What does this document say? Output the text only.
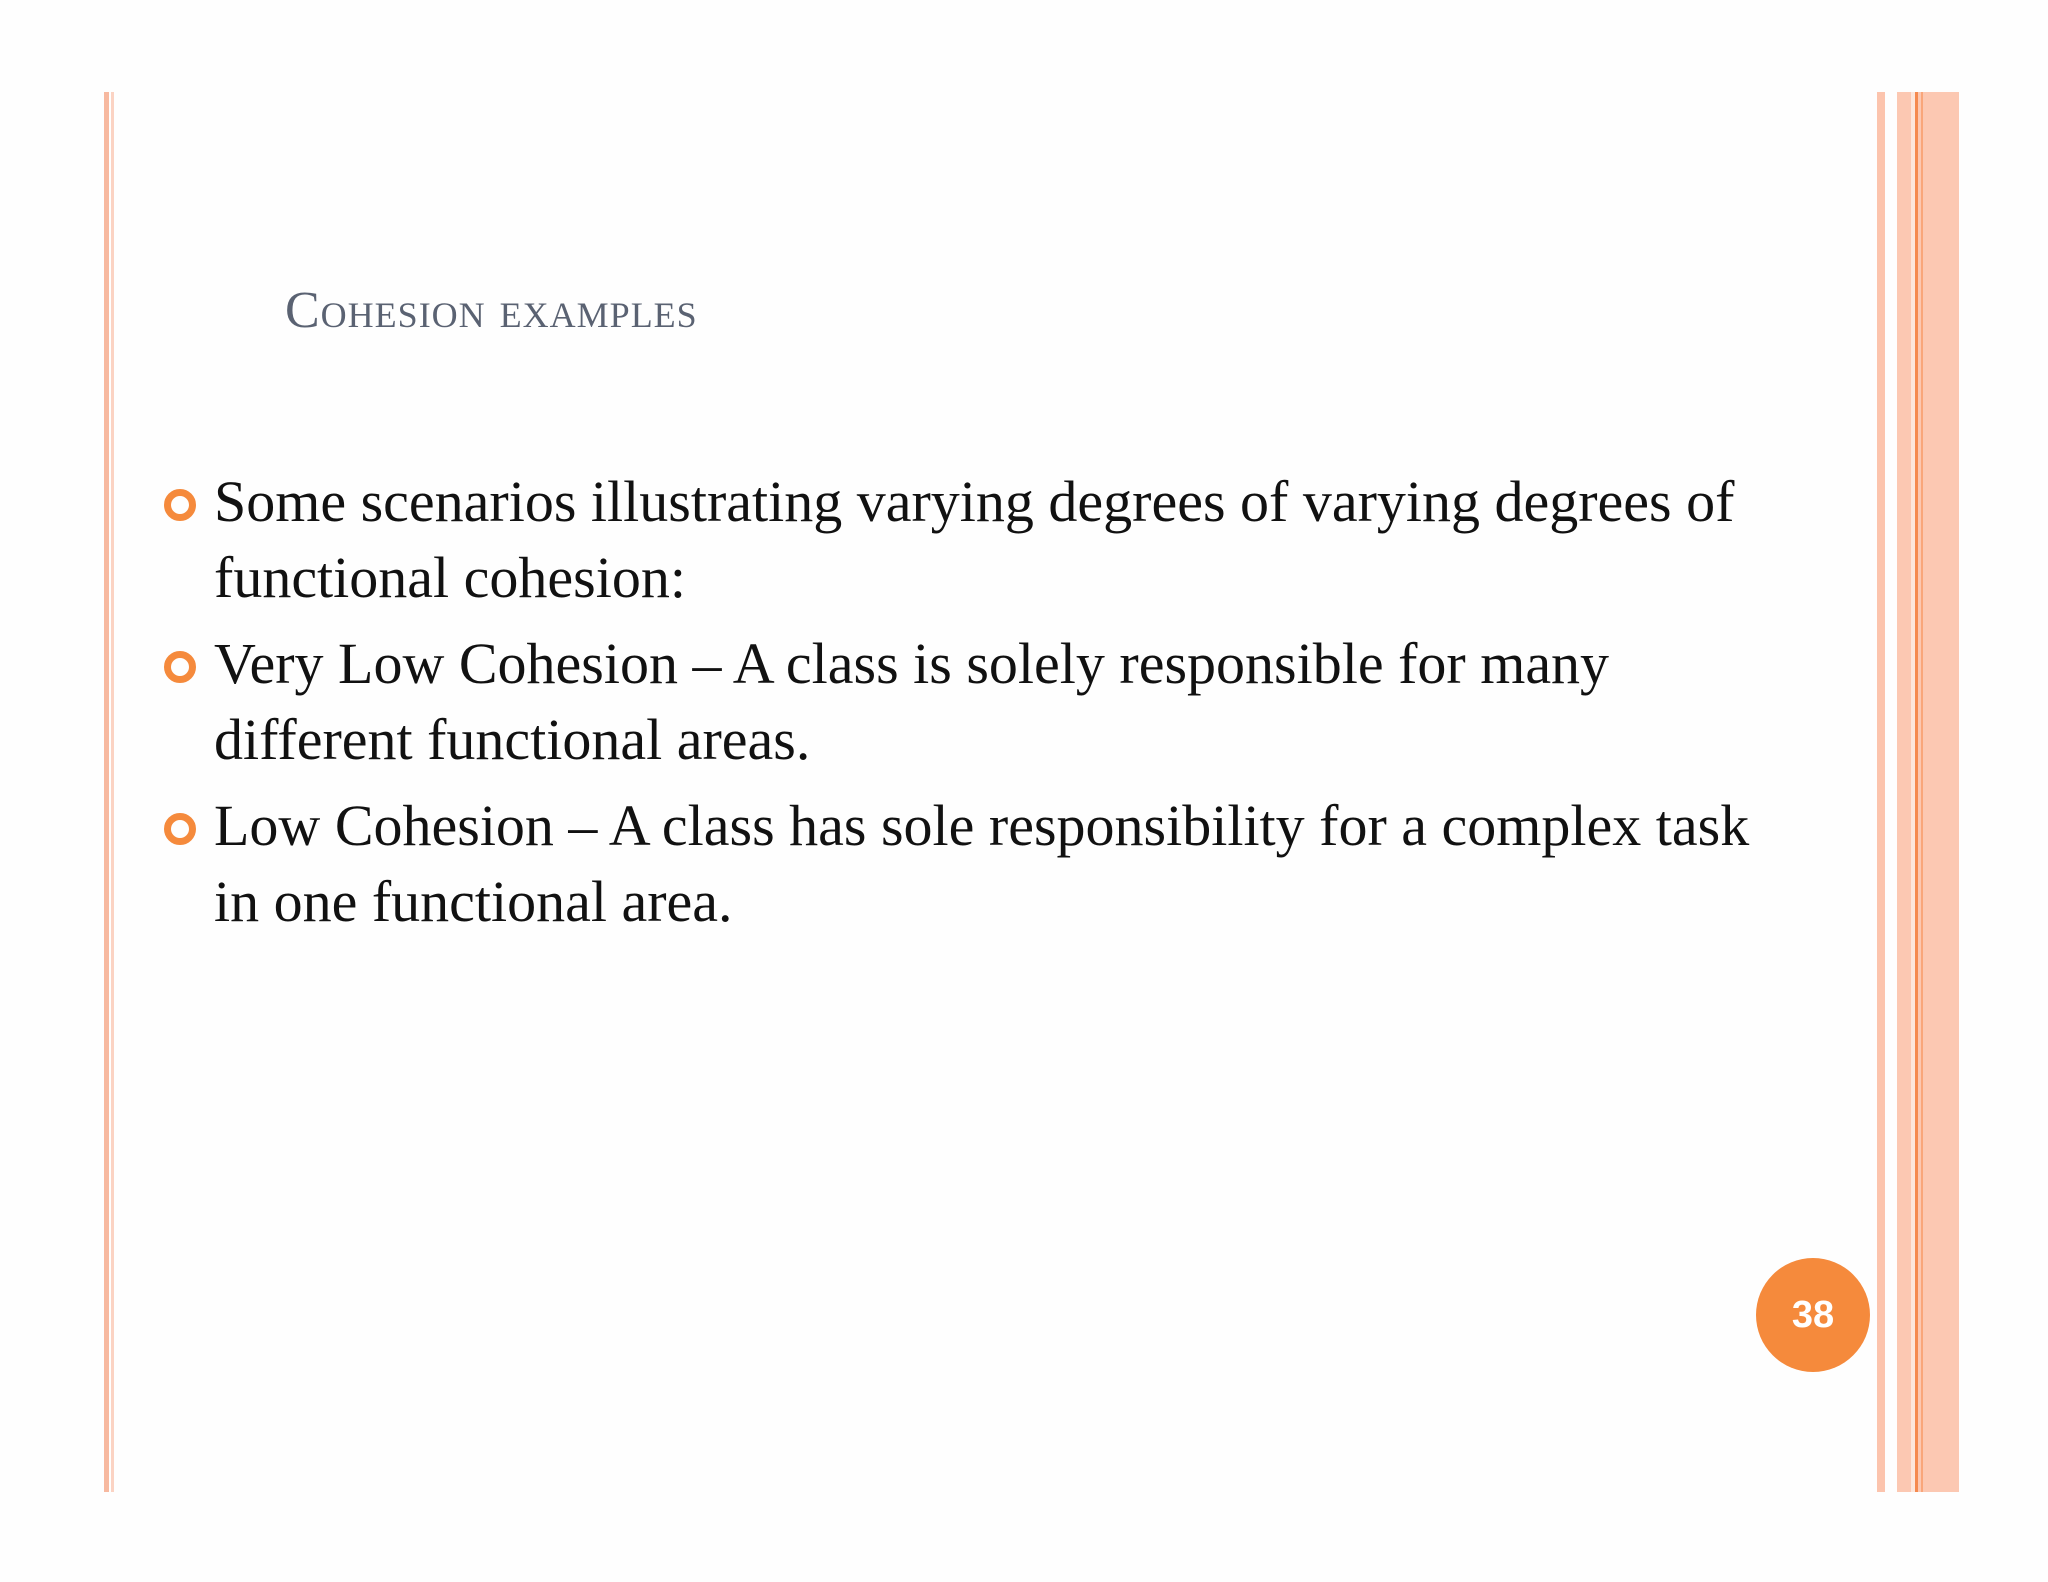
Cohesion examples
Some scenarios illustrating varying degrees of varying degrees of functional cohesion:
Very Low Cohesion – A class is solely responsible for many different functional areas.
Low Cohesion – A class has sole responsibility for a complex task in one functional area.
38
